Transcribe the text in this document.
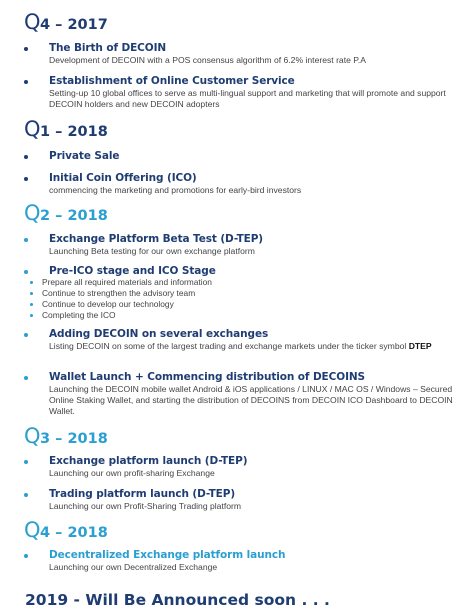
Q4 – 2017
The Birth of DECOIN
Development of DECOIN with a POS consensus algorithm of 6.2% interest rate P.A
Establishment of Online Customer Service
Setting-up 10 global offices to serve as multi-lingual support and marketing that will promote and support DECOIN holders and new DECOIN adopters
Q1 – 2018
Private Sale
Initial Coin Offering (ICO)
commencing the marketing and promotions for early-bird investors
Q2 – 2018
Exchange Platform Beta Test (D-TEP)
Launching Beta testing for our own exchange platform
Pre-ICO stage and ICO Stage
Prepare all required materials and information
Continue to strengthen the advisory team
Continue to develop our technology
Completing the ICO
Adding DECOIN on several exchanges
Listing DECOIN on some of the largest trading and exchange markets under the ticker symbol DTEP
Wallet Launch + Commencing distribution of DECOINS
Launching the DECOIN mobile wallet Android & iOS applications / LINUX / MAC OS / Windows – Secured Online Staking Wallet, and starting the distribution of DECOINS from DECOIN ICO Dashboard to DECOIN Wallet.
Q3 – 2018
Exchange platform launch (D-TEP)
Launching our own profit-sharing Exchange
Trading platform launch (D-TEP)
Launching our own Profit-Sharing Trading platform
Q4 – 2018
Decentralized Exchange platform launch
Launching our own Decentralized Exchange
2019 - Will Be Announced soon . . .
